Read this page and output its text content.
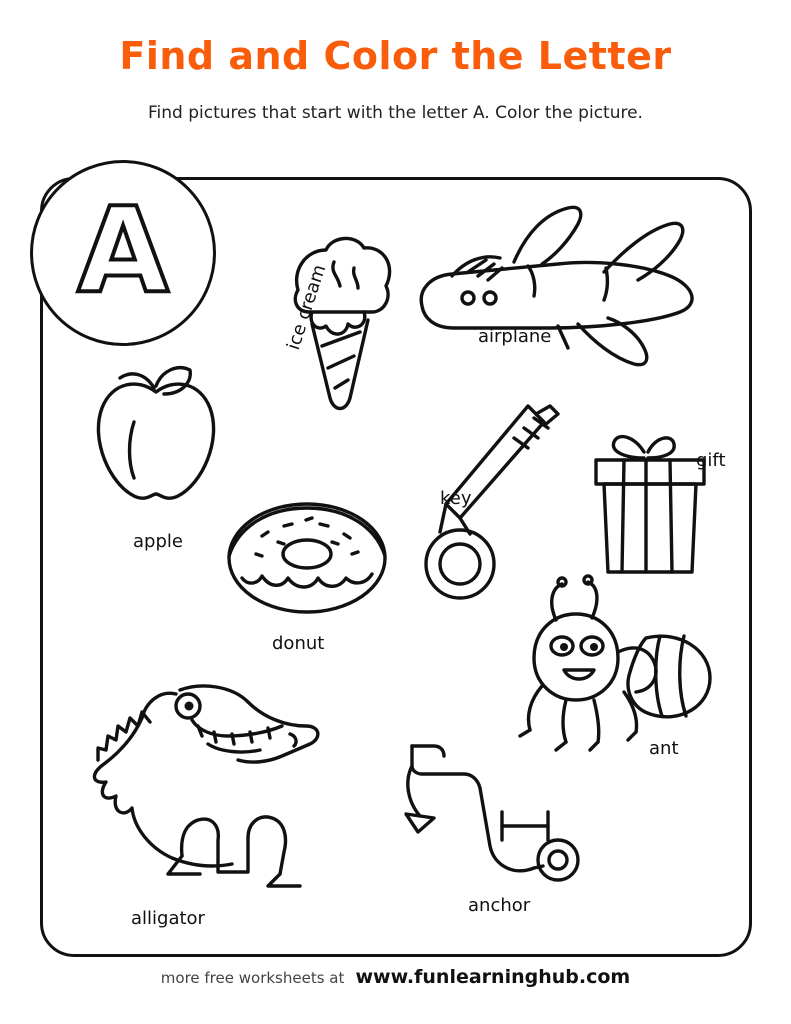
Find and Color the Letter
Find pictures that start with the letter A. Color the picture.
A	ice cream	airplane
apple
key
gift
donut
ant
alligator
anchor
more free worksheets at www.funlearninghub.com
